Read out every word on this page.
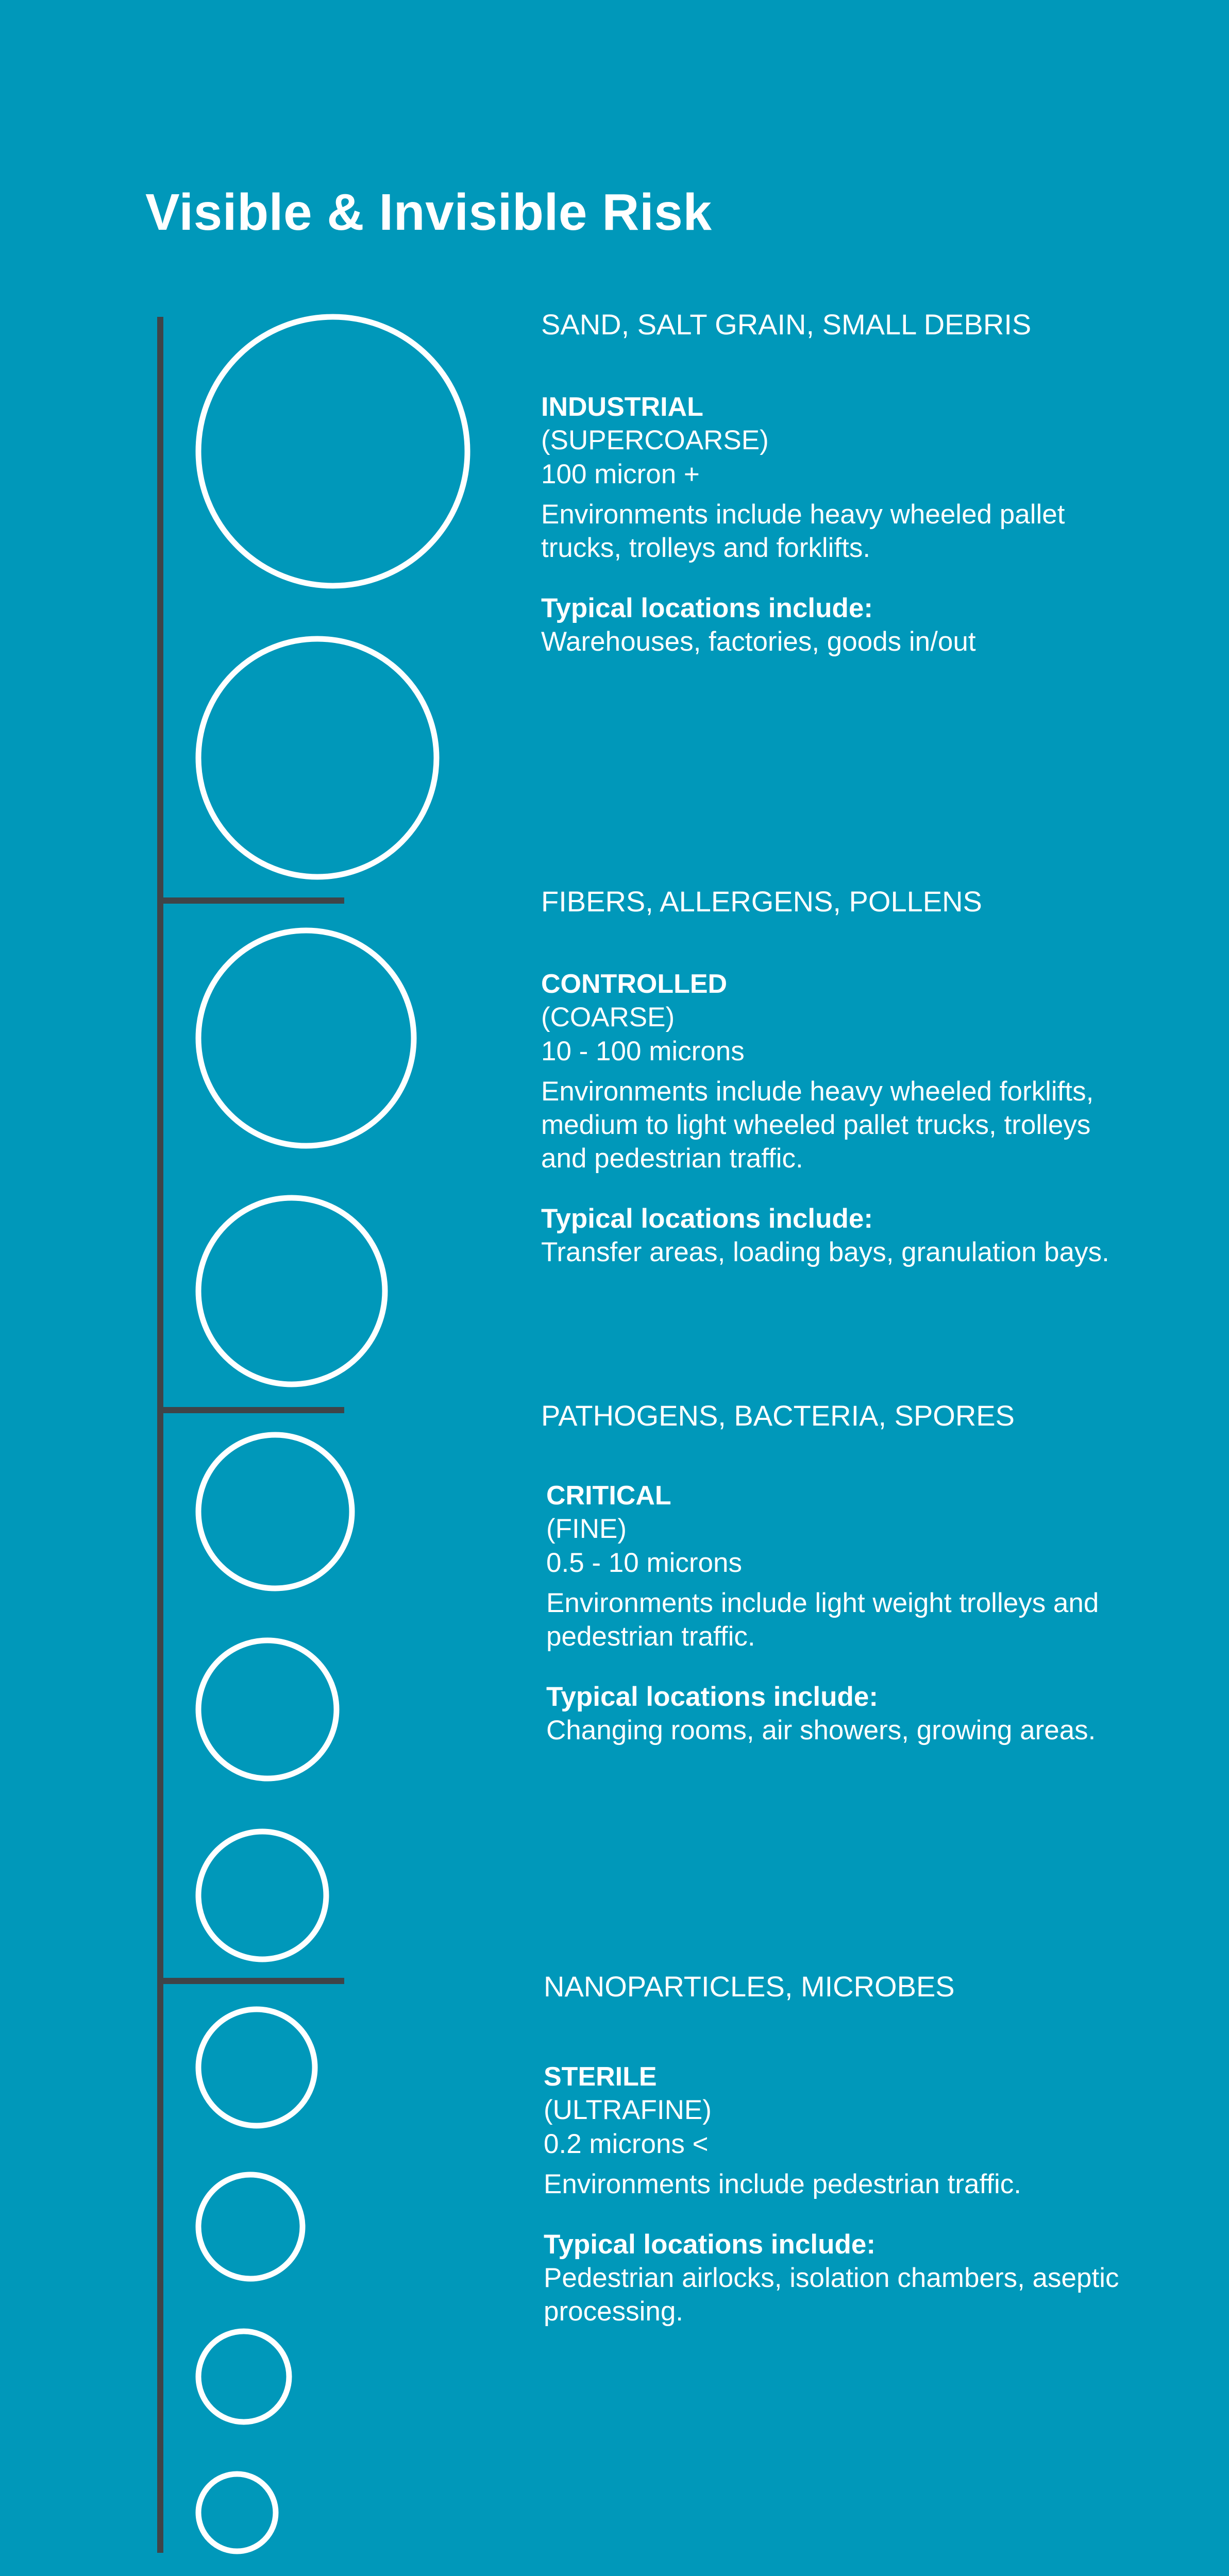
Visible & Invisible Risk
SAND, SALT GRAIN, SMALL DEBRIS
INDUSTRIAL
(SUPERCOARSE)
100 micron +
Environments include heavy wheeled pallet trucks, trolleys and forklifts.
Typical locations include:
Warehouses, factories, goods in/out
FIBERS, ALLERGENS, POLLENS
CONTROLLED
(COARSE)
10 - 100 microns
Environments include heavy wheeled forklifts, medium to light wheeled pallet trucks, trolleys and pedestrian traffic.
Typical locations include:
Transfer areas, loading bays, granulation bays.
PATHOGENS, BACTERIA, SPORES
CRITICAL
(FINE)
0.5 - 10 microns
Environments include light weight trolleys and pedestrian traffic.
Typical locations include:
Changing rooms, air showers, growing areas.
NANOPARTICLES, MICROBES
STERILE
(ULTRAFINE)
0.2 microns <
Environments include pedestrian traffic.
Typical locations include:
Pedestrian airlocks, isolation chambers, aseptic processing.
